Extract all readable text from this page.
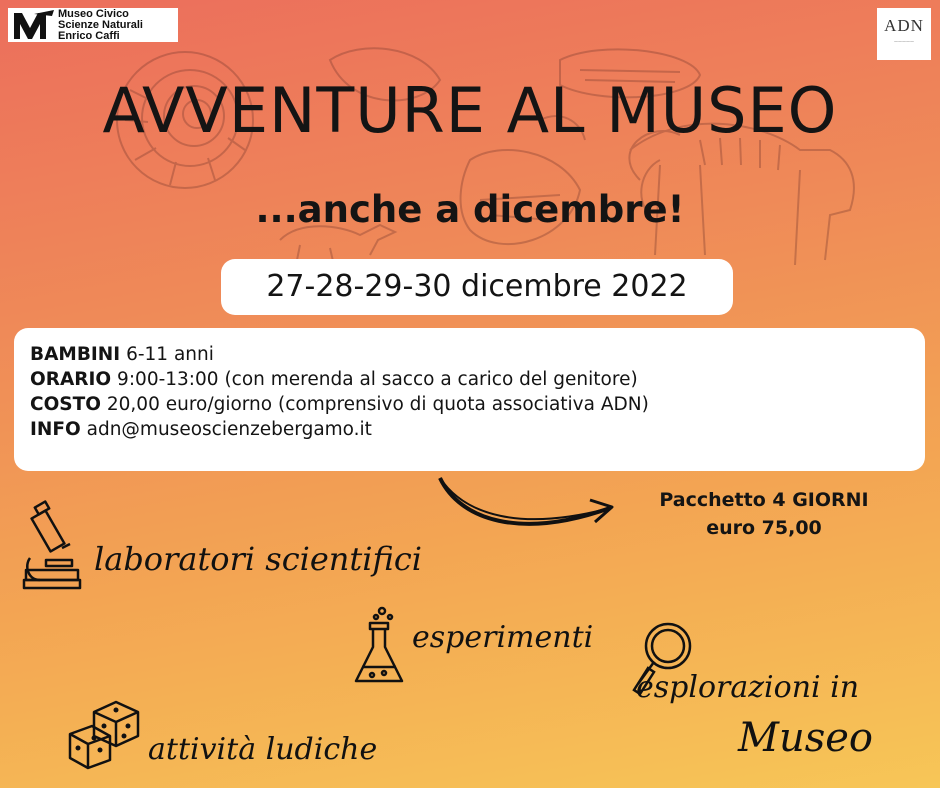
Museo Civico
Scienze Naturali
Enrico Caffi
ADN
—————
AVVENTURE AL MUSEO
...anche a dicembre!
27-28-29-30 dicembre 2022
BAMBINI 6-11 anni
ORARIO 9:00-13:00 (con merenda al sacco a carico del genitore)
COSTO 20,00 euro/giorno (comprensivo di quota associativa ADN)
INFO adn@museoscienzebergamo.it
Pacchetto 4 GIORNI
euro 75,00
laboratori scientifici
esperimenti
esplorazioni in
Museo
attività ludiche
